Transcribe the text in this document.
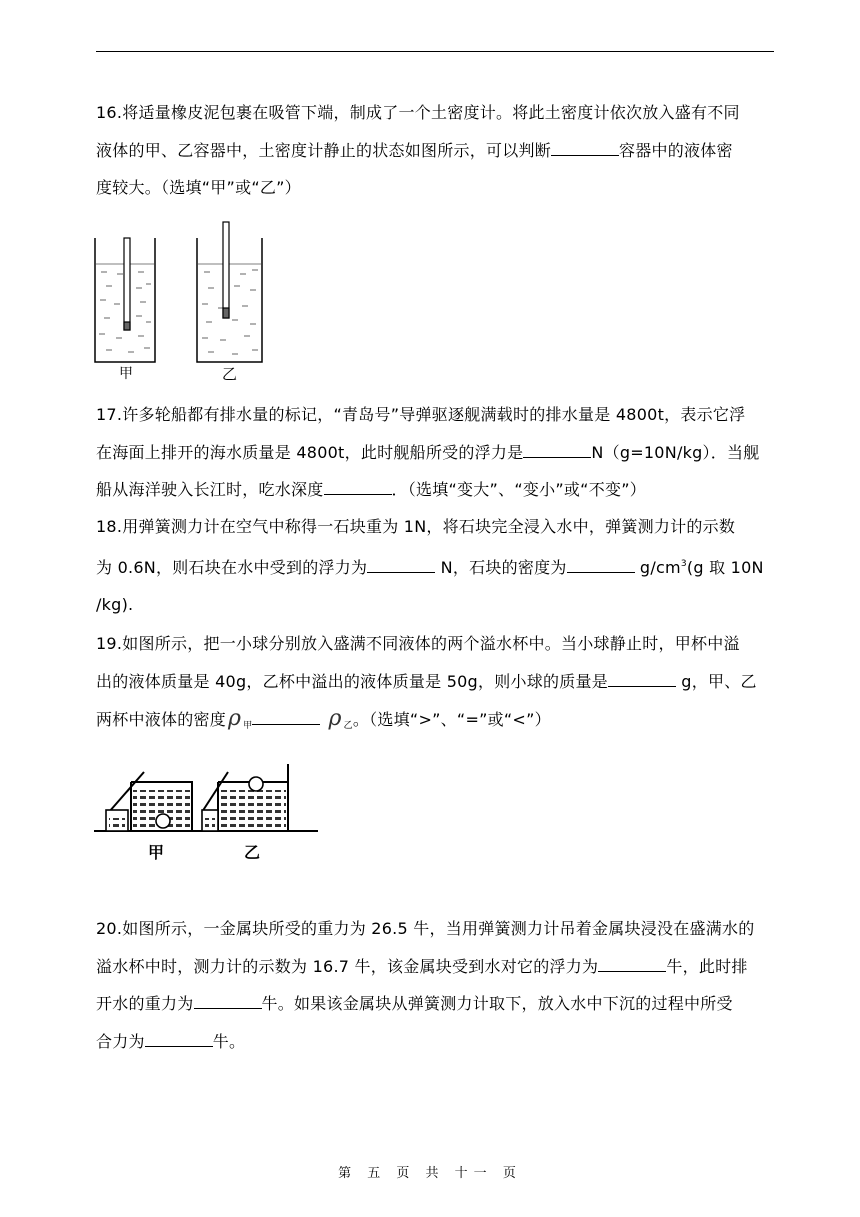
16.将适量橡皮泥包裹在吸管下端，制成了一个土密度计。将此土密度计依次放入盛有不同
液体的甲、乙容器中，土密度计静止的状态如图所示，可以判断	容器中的液体密
度较大。（选填“甲”或“乙”）
甲	乙
17.许多轮船都有排水量的标记，“青岛号”导弹驱逐舰满载时的排水量是 4800t，表示它浮
在海面上排开的海水质量是 4800t，此时舰船所受的浮力是	N（g=10N/kg）．当舰
船从海洋驶入长江时，吃水深度	．（选填“变大”、“变小”或“不变”）
18.用弹簧测力计在空气中称得一石块重为 1N，将石块完全浸入水中，弹簧测力计的示数
为 0.6N，则石块在水中受到的浮力为	N，石块的密度为	$g/cm^3(g$ 取 10N
/kg).
19.如图所示，把一小球分别放入盛满不同液体的两个溢水杯中。当小球静止时，甲杯中溢
出的液体质量是 40g，乙杯中溢出的液体质量是 50g，则小球的质量是	g，甲、乙
两杯中液体的密度ρ $_甲$	ρ $_乙$。（选填“>”、“=”或“<”）
甲	乙
20.如图所示，一金属块所受的重力为 26.5 牛，当用弹簧测力计吊着金属块浸没在盛满水的
溢水杯中时，测力计的示数为 16.7 牛，该金属块受到水对它的浮力为	牛，此时排
开水的重力为	牛。如果该金属块从弹簧测力计取下，放入水中下沉的过程中所受
合力为	牛。
第 五 页 共 十一 页
